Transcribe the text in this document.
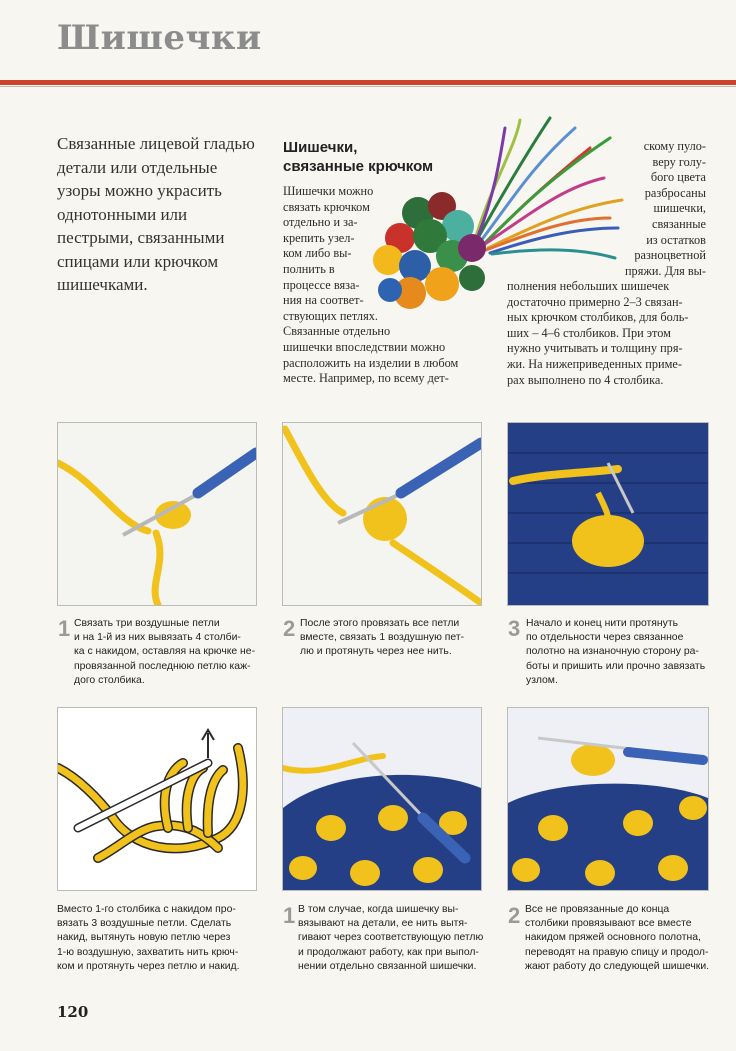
Шишечки
Связанные лицевой гладью
детали или отдельные
узоры можно украсить
однотонными или
пестрыми, связанными
спицами или крючком
шишечками.
Шишечки,
связанные крючком
Шишечки можно
связать крючком
отдельно и за-
крепить узел-
ком либо вы-
полнить в
процессе вяза-
ния на соответ-
ствующих петлях.
Связанные отдельно
шишечки впоследствии можно
расположить на изделии в любом
месте. Например, по всему дет-
скому пуло-
веру голу-
бого цвета
разбросаны
шишечки,
связанные
из остатков
разноцветной
пряжи. Для вы-
полнения небольших шишечек
достаточно примерно 2–3 связан-
ных крючком столбиков, для боль-
ших – 4–6 столбиков. При этом
нужно учитывать и толщину пря-
жи. На нижеприведенных приме-
рах выполнено по 4 столбика.
1 Связать три воздушные петли
и на 1-й из них вывязать 4 столби-
ка с накидом, оставляя на крючке не-
провязанной последнюю петлю каж-
дого столбика.
2 После этого провязать все петли
вместе, связать 1 воздушную пет-
лю и протянуть через нее нить.
3 Начало и конец нити протянуть
по отдельности через связанное
полотно на изнаночную сторону ра-
боты и пришить или прочно завязать
узлом.
Вместо 1-го столбика с накидом про-
вязать 3 воздушные петли. Сделать
накид, вытянуть новую петлю через
1-ю воздушную, захватить нить крюч-
ком и протянуть через петлю и накид.
1 В том случае, когда шишечку вы-
вязывают на детали, ее нить вытя-
гивают через соответствующую петлю
и продолжают работу, как при выпол-
нении отдельно связанной шишечки.
2 Все не провязанные до конца
столбики провязывают все вместе
накидом пряжей основного полотна,
переводят на правую спицу и продол-
жают работу до следующей шишечки.
120
